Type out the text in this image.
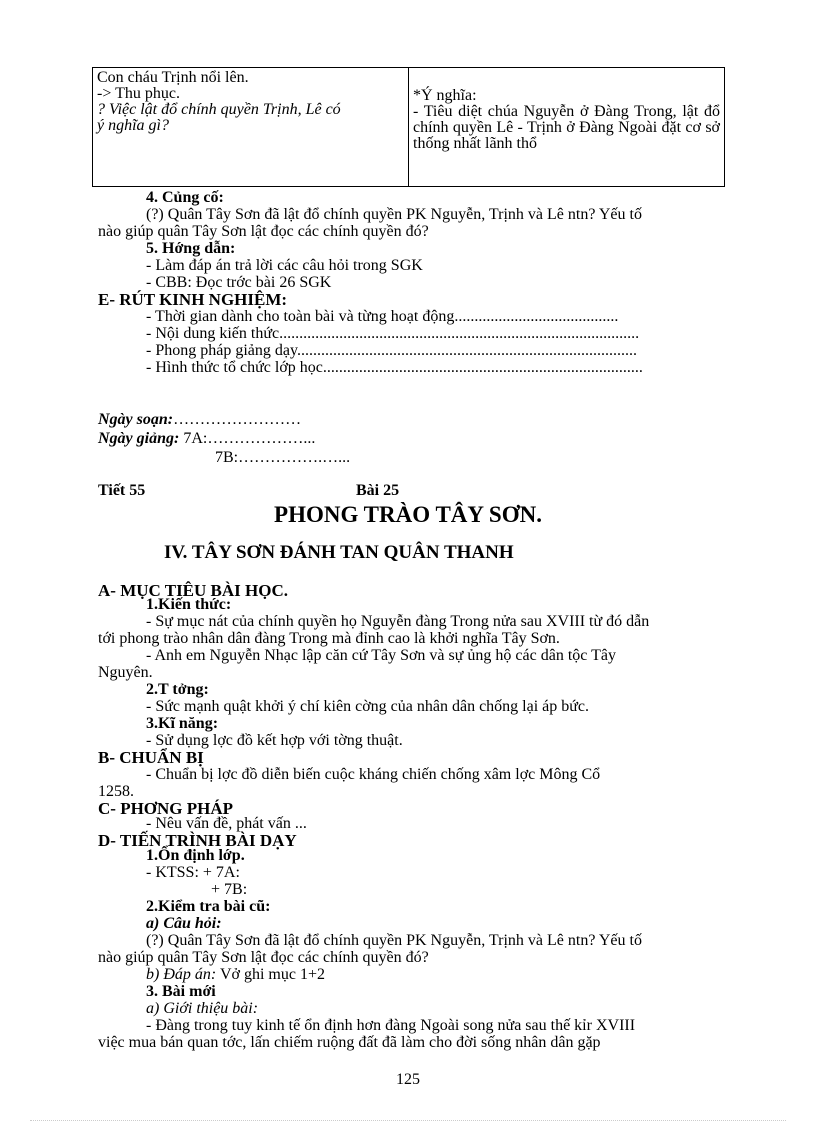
Con cháu Trịnh nổi lên.
-> Thu phục.
? Việc lật đổ chính quyền Trịnh, Lê có
ý nghĩa gì?

*Ý nghĩa:
- Tiêu diệt chúa Nguyễn ở Đàng Trong, lật đổ chính quyền Lê - Trịnh ở Đàng Ngoài đặt cơ sở thống nhất lãnh thổ
4. Củng cố:
(?) Quân Tây Sơn đã lật đổ chính quyền PK Nguyễn, Trịnh và Lê ntn? Yếu tố
nào giúp quân Tây Sơn lật đọc các chính quyền đó?
5. Hớng dẫn:
- Làm đáp án trả lời các câu hỏi trong SGK
- CBB: Đọc trớc bài 26 SGK
E- RÚT KINH NGHIỆM:
- Thời gian dành cho toàn bài và từng hoạt động.........................................
- Nội dung kiến thức..........................................................................................
- Phong pháp giảng dạy.....................................................................................
- Hình thức tổ chức lớp học................................................................................
Ngày soạn:……………………
Ngày giảng: 7A:………………...
7B:…………….…...
Tiết 55	Bài 25
PHONG TRÀO TÂY SƠN.
IV. TÂY SƠN ĐÁNH TAN QUÂN THANH
A- MỤC TIÊU BÀI HỌC.
1.Kiến thức:
- Sự mục nát của chính quyền họ Nguyễn đàng Trong nửa sau XVIII từ đó dẫn
tới phong trào nhân dân đàng Trong mà đỉnh cao là khởi nghĩa Tây Sơn.
- Anh em Nguyễn Nhạc lập căn cứ Tây Sơn và sự ủng hộ các dân tộc Tây
Nguyên.
2.T tởng:
- Sức mạnh quật khởi ý chí kiên cờng của nhân dân chống lại áp bức.
3.Kĩ năng:
- Sử dụng lợc đồ kết hợp với tờng thuật.
B- CHUẨN BỊ
- Chuẩn bị lợc đồ diễn biến cuộc kháng chiến chống xâm lợc Mông Cổ
1258.
C- PHƠNG PHÁP
- Nêu vấn đề, phát vấn ...
D- TIẾN TRÌNH BÀI DẠY
1.Ổn định lớp.
- KTSS: + 7A:
+ 7B:
2.Kiểm tra bài cũ:
a) Câu hỏi:
(?) Quân Tây Sơn đã lật đổ chính quyền PK Nguyễn, Trịnh và Lê ntn? Yếu tố
nào giúp quân Tây Sơn lật đọc các chính quyền đó?
b) Đáp án: Vở ghi mục 1+2
3. Bài mới
a) Giới thiệu bài:
- Đàng trong tuy kinh tế ổn định hơn đàng Ngoài song nửa sau thế kỉr XVIII
việc mua bán quan tớc, lấn chiếm ruộng đất đã làm cho đời sống nhân dân gặp
125
